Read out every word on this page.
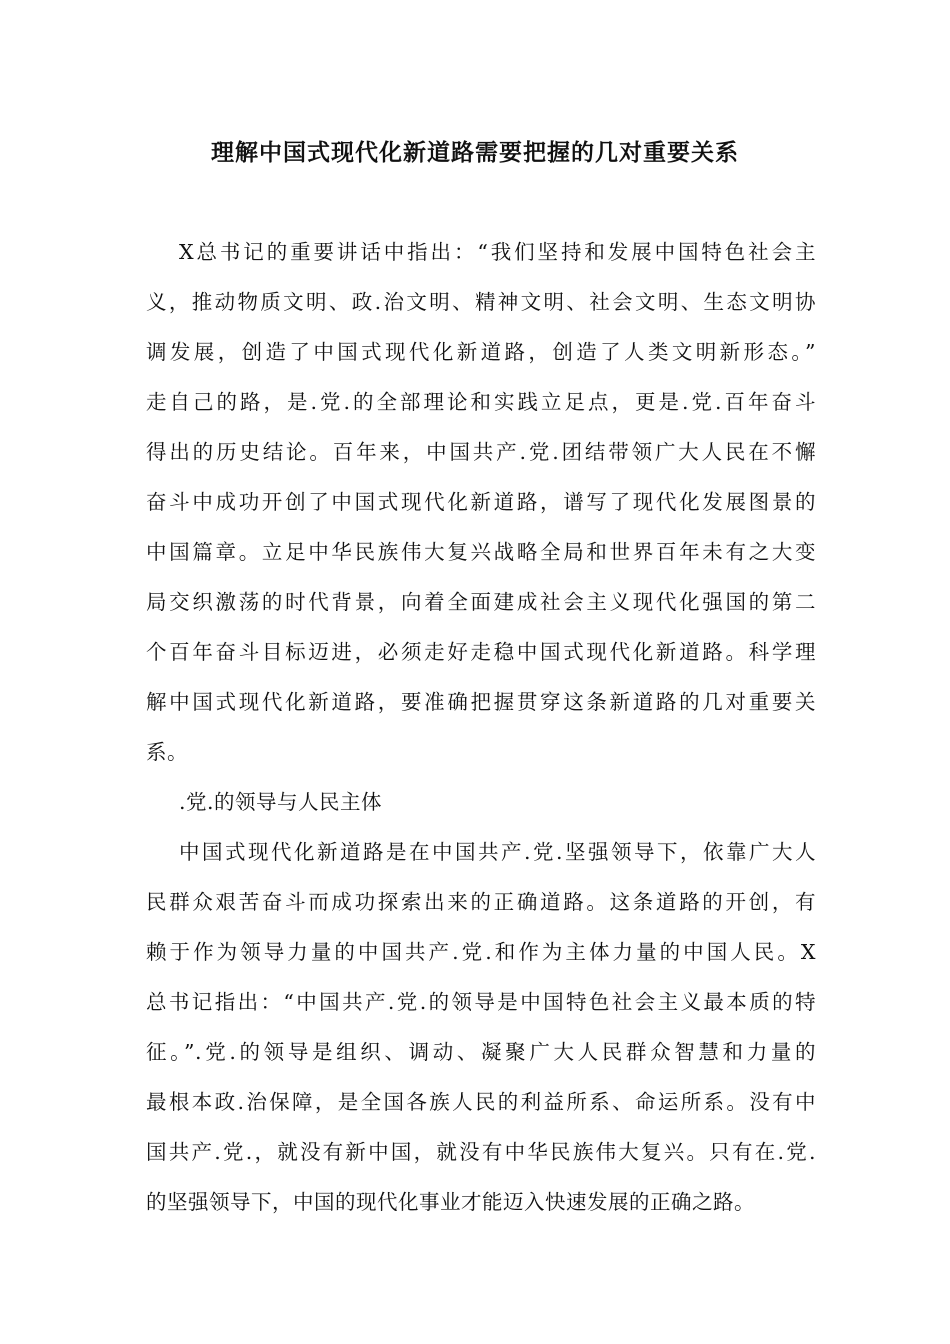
理解中国式现代化新道路需要把握的几对重要关系
X总书记的重要讲话中指出：“我们坚持和发展中国特色社会主
义，推动物质文明、政.治文明、精神文明、社会文明、生态文明协
调发展，创造了中国式现代化新道路，创造了人类文明新形态。”
走自己的路，是.党.的全部理论和实践立足点，更是.党.百年奋斗
得出的历史结论。百年来，中国共产.党.团结带领广大人民在不懈
奋斗中成功开创了中国式现代化新道路，谱写了现代化发展图景的
中国篇章。立足中华民族伟大复兴战略全局和世界百年未有之大变
局交织激荡的时代背景，向着全面建成社会主义现代化强国的第二
个百年奋斗目标迈进，必须走好走稳中国式现代化新道路。科学理
解中国式现代化新道路，要准确把握贯穿这条新道路的几对重要关
系。
.党.的领导与人民主体
中国式现代化新道路是在中国共产.党.坚强领导下，依靠广大人
民群众艰苦奋斗而成功探索出来的正确道路。这条道路的开创，有
赖于作为领导力量的中国共产.党.和作为主体力量的中国人民。X
总书记指出：“中国共产.党.的领导是中国特色社会主义最本质的特
征。”.党.的领导是组织、调动、凝聚广大人民群众智慧和力量的
最根本政.治保障，是全国各族人民的利益所系、命运所系。没有中
国共产.党.，就没有新中国，就没有中华民族伟大复兴。只有在.党.
的坚强领导下，中国的现代化事业才能迈入快速发展的正确之路。
